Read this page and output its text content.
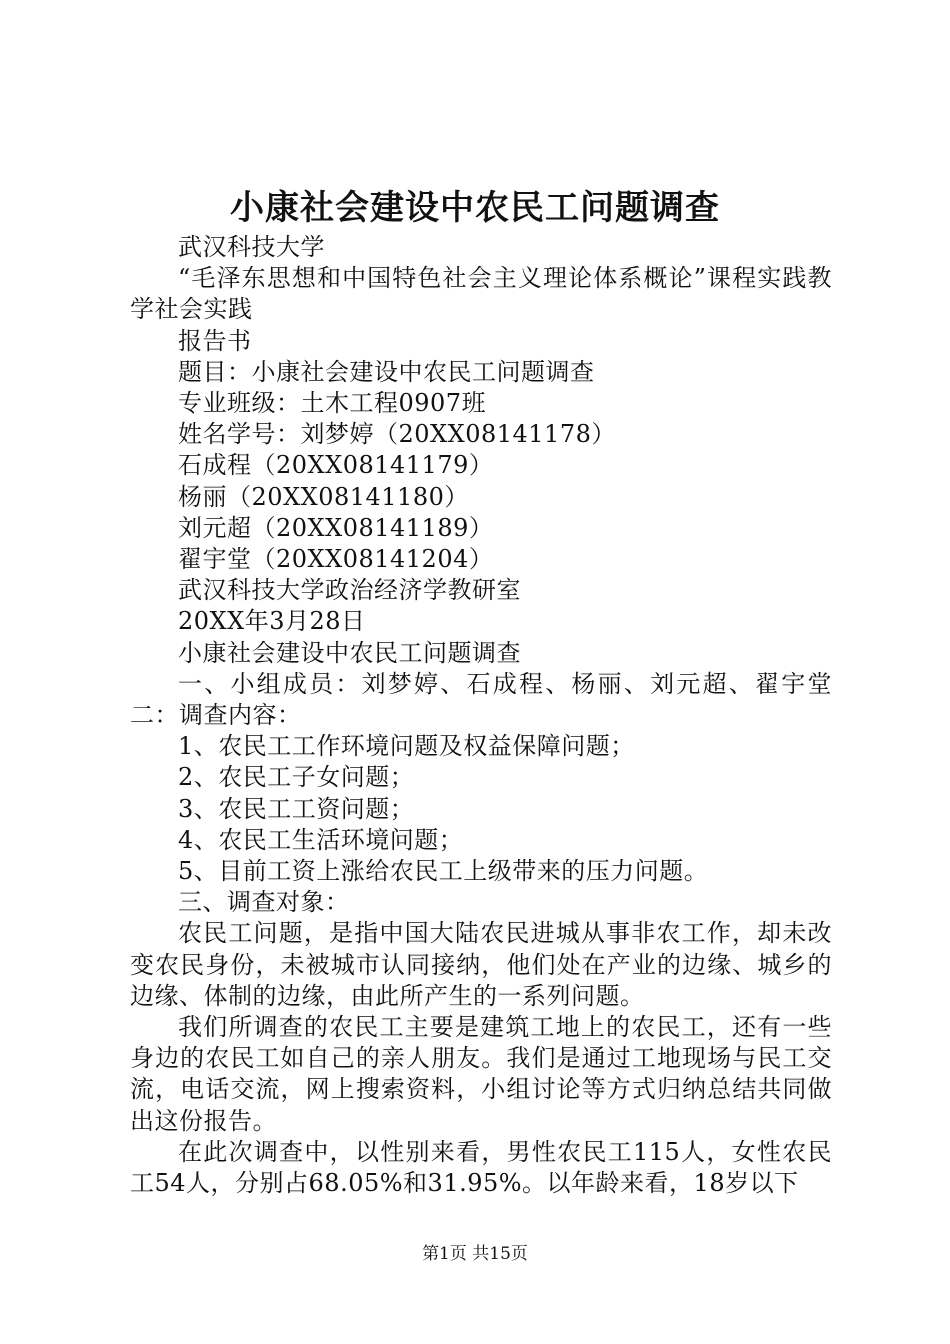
小康社会建设中农民工问题调查

武汉科技大学

“毛泽东思想和中国特色社会主义理论体系概论”课程实践教学社会实践

报告书

题目：小康社会建设中农民工问题调查

专业班级：土木工程0907班

姓名学号：刘梦婷（20XX08141178）

石成程（20XX08141179）

杨丽（20XX08141180）

刘元超（20XX08141189）

翟宇堂（20XX08141204）

武汉科技大学政治经济学教研室

20XX年3月28日

小康社会建设中农民工问题调查

一、小组成员：刘梦婷、石成程、杨丽、刘元超、翟宇堂二：调查内容：

1、农民工工作环境问题及权益保障问题；

2、农民工子女问题；

3、农民工工资问题；

4、农民工生活环境问题；

5、目前工资上涨给农民工上级带来的压力问题。

三、调查对象：

农民工问题，是指中国大陆农民进城从事非农工作，却未改变农民身份，未被城市认同接纳，他们处在产业的边缘、城乡的边缘、体制的边缘，由此所产生的一系列问题。

我们所调查的农民工主要是建筑工地上的农民工，还有一些身边的农民工如自己的亲人朋友。我们是通过工地现场与民工交流，电话交流，网上搜索资料，小组讨论等方式归纳总结共同做出这份报告。

在此次调查中，以性别来看，男性农民工115人，女性农民工54人，分别占68.05%和31.95%。以年龄来看，18岁以下

第1页 共15页
